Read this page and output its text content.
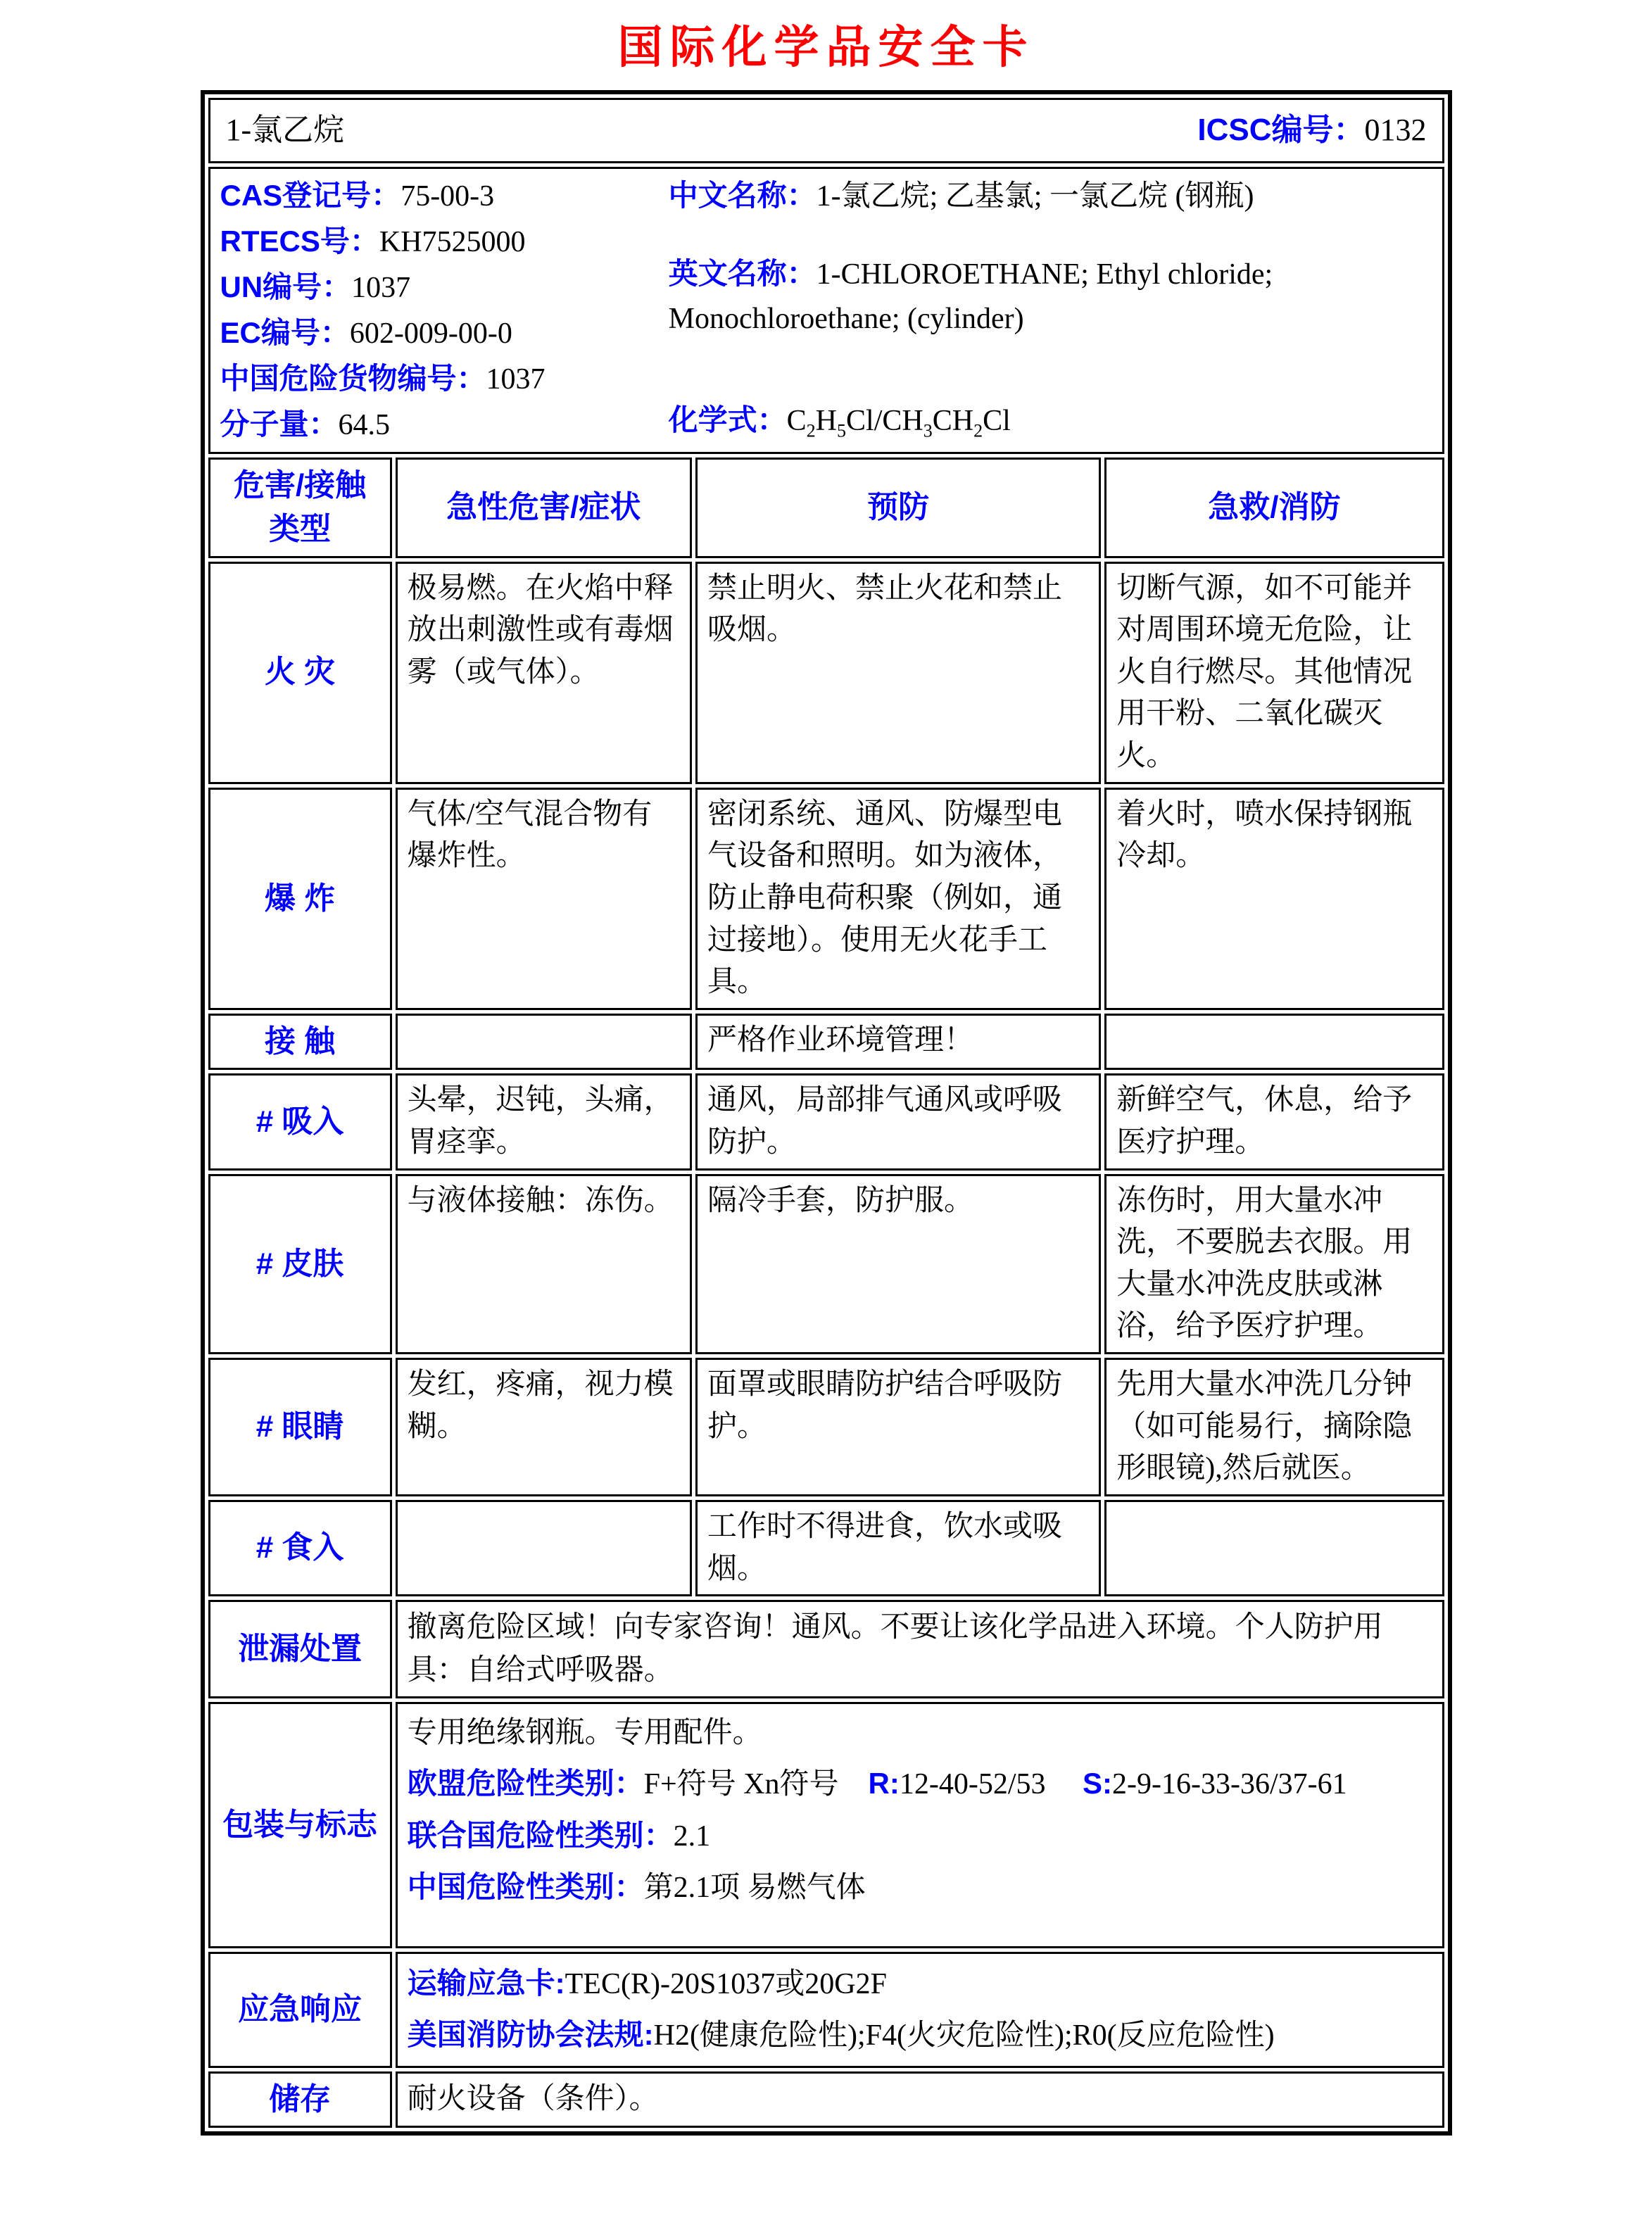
国际化学品安全卡
1-氯乙烷 ICSC编号：0132			

CAS登记号：75-00-3
RTECS号：KH7525000
UN编号：1037
EC编号：602-009-00-0
中国危险货物编号：1037
分子量：64.5

中文名称：1-氯乙烷; 乙基氯; 一氯乙烷 (钢瓶)

英文名称：1-CHLOROETHANE; Ethyl chloride; Monochloroethane; (cylinder)

化学式：$C_2H_5Cl/CH_3CH_2Cl$

危害/接触类型	急性危害/症状	预防	急救/消防
火 灾	极易燃。在火焰中释放出刺激性或有毒烟雾（或气体）。	禁止明火、禁止火花和禁止吸烟。	切断气源，如不可能并对周围环境无危险，让火自行燃尽。其他情况用干粉、二氧化碳灭火。
爆 炸	气体/空气混合物有爆炸性。	密闭系统、通风、防爆型电气设备和照明。如为液体，防止静电荷积聚（例如，通过接地）。使用无火花手工具。	着火时，喷水保持钢瓶冷却。
接 触		严格作业环境管理！	
# 吸入	头晕，迟钝，头痛，胃痉挛。	通风，局部排气通风或呼吸防护。	新鲜空气，休息，给予医疗护理。
# 皮肤	与液体接触：冻伤。	隔冷手套，防护服。	冻伤时，用大量水冲洗，不要脱去衣服。用大量水冲洗皮肤或淋浴，给予医疗护理。
# 眼睛	发红，疼痛，视力模糊。	面罩或眼睛防护结合呼吸防护。	先用大量水冲洗几分钟（如可能易行，摘除隐形眼镜),然后就医。
# 食入		工作时不得进食，饮水或吸烟。	
泄漏处置	撤离危险区域！向专家咨询！通风。不要让该化学品进入环境。个人防护用具：自给式呼吸器。		
包装与标志	专用绝缘钢瓶。专用配件。

欧盟危险性类别：F+符号 Xn符号　R:12-40-52/53　 S:2-9-16-33-36/37-61

联合国危险性类别：2.1

中国危险性类别：第2.1项 易燃气体		

应急响应	运输应急卡:TEC(R)-20S1037或20G2F

美国消防协会法规:H2(健康危险性);F4(火灾危险性);R0(反应危险性)		

储存	耐火设备（条件）。		
